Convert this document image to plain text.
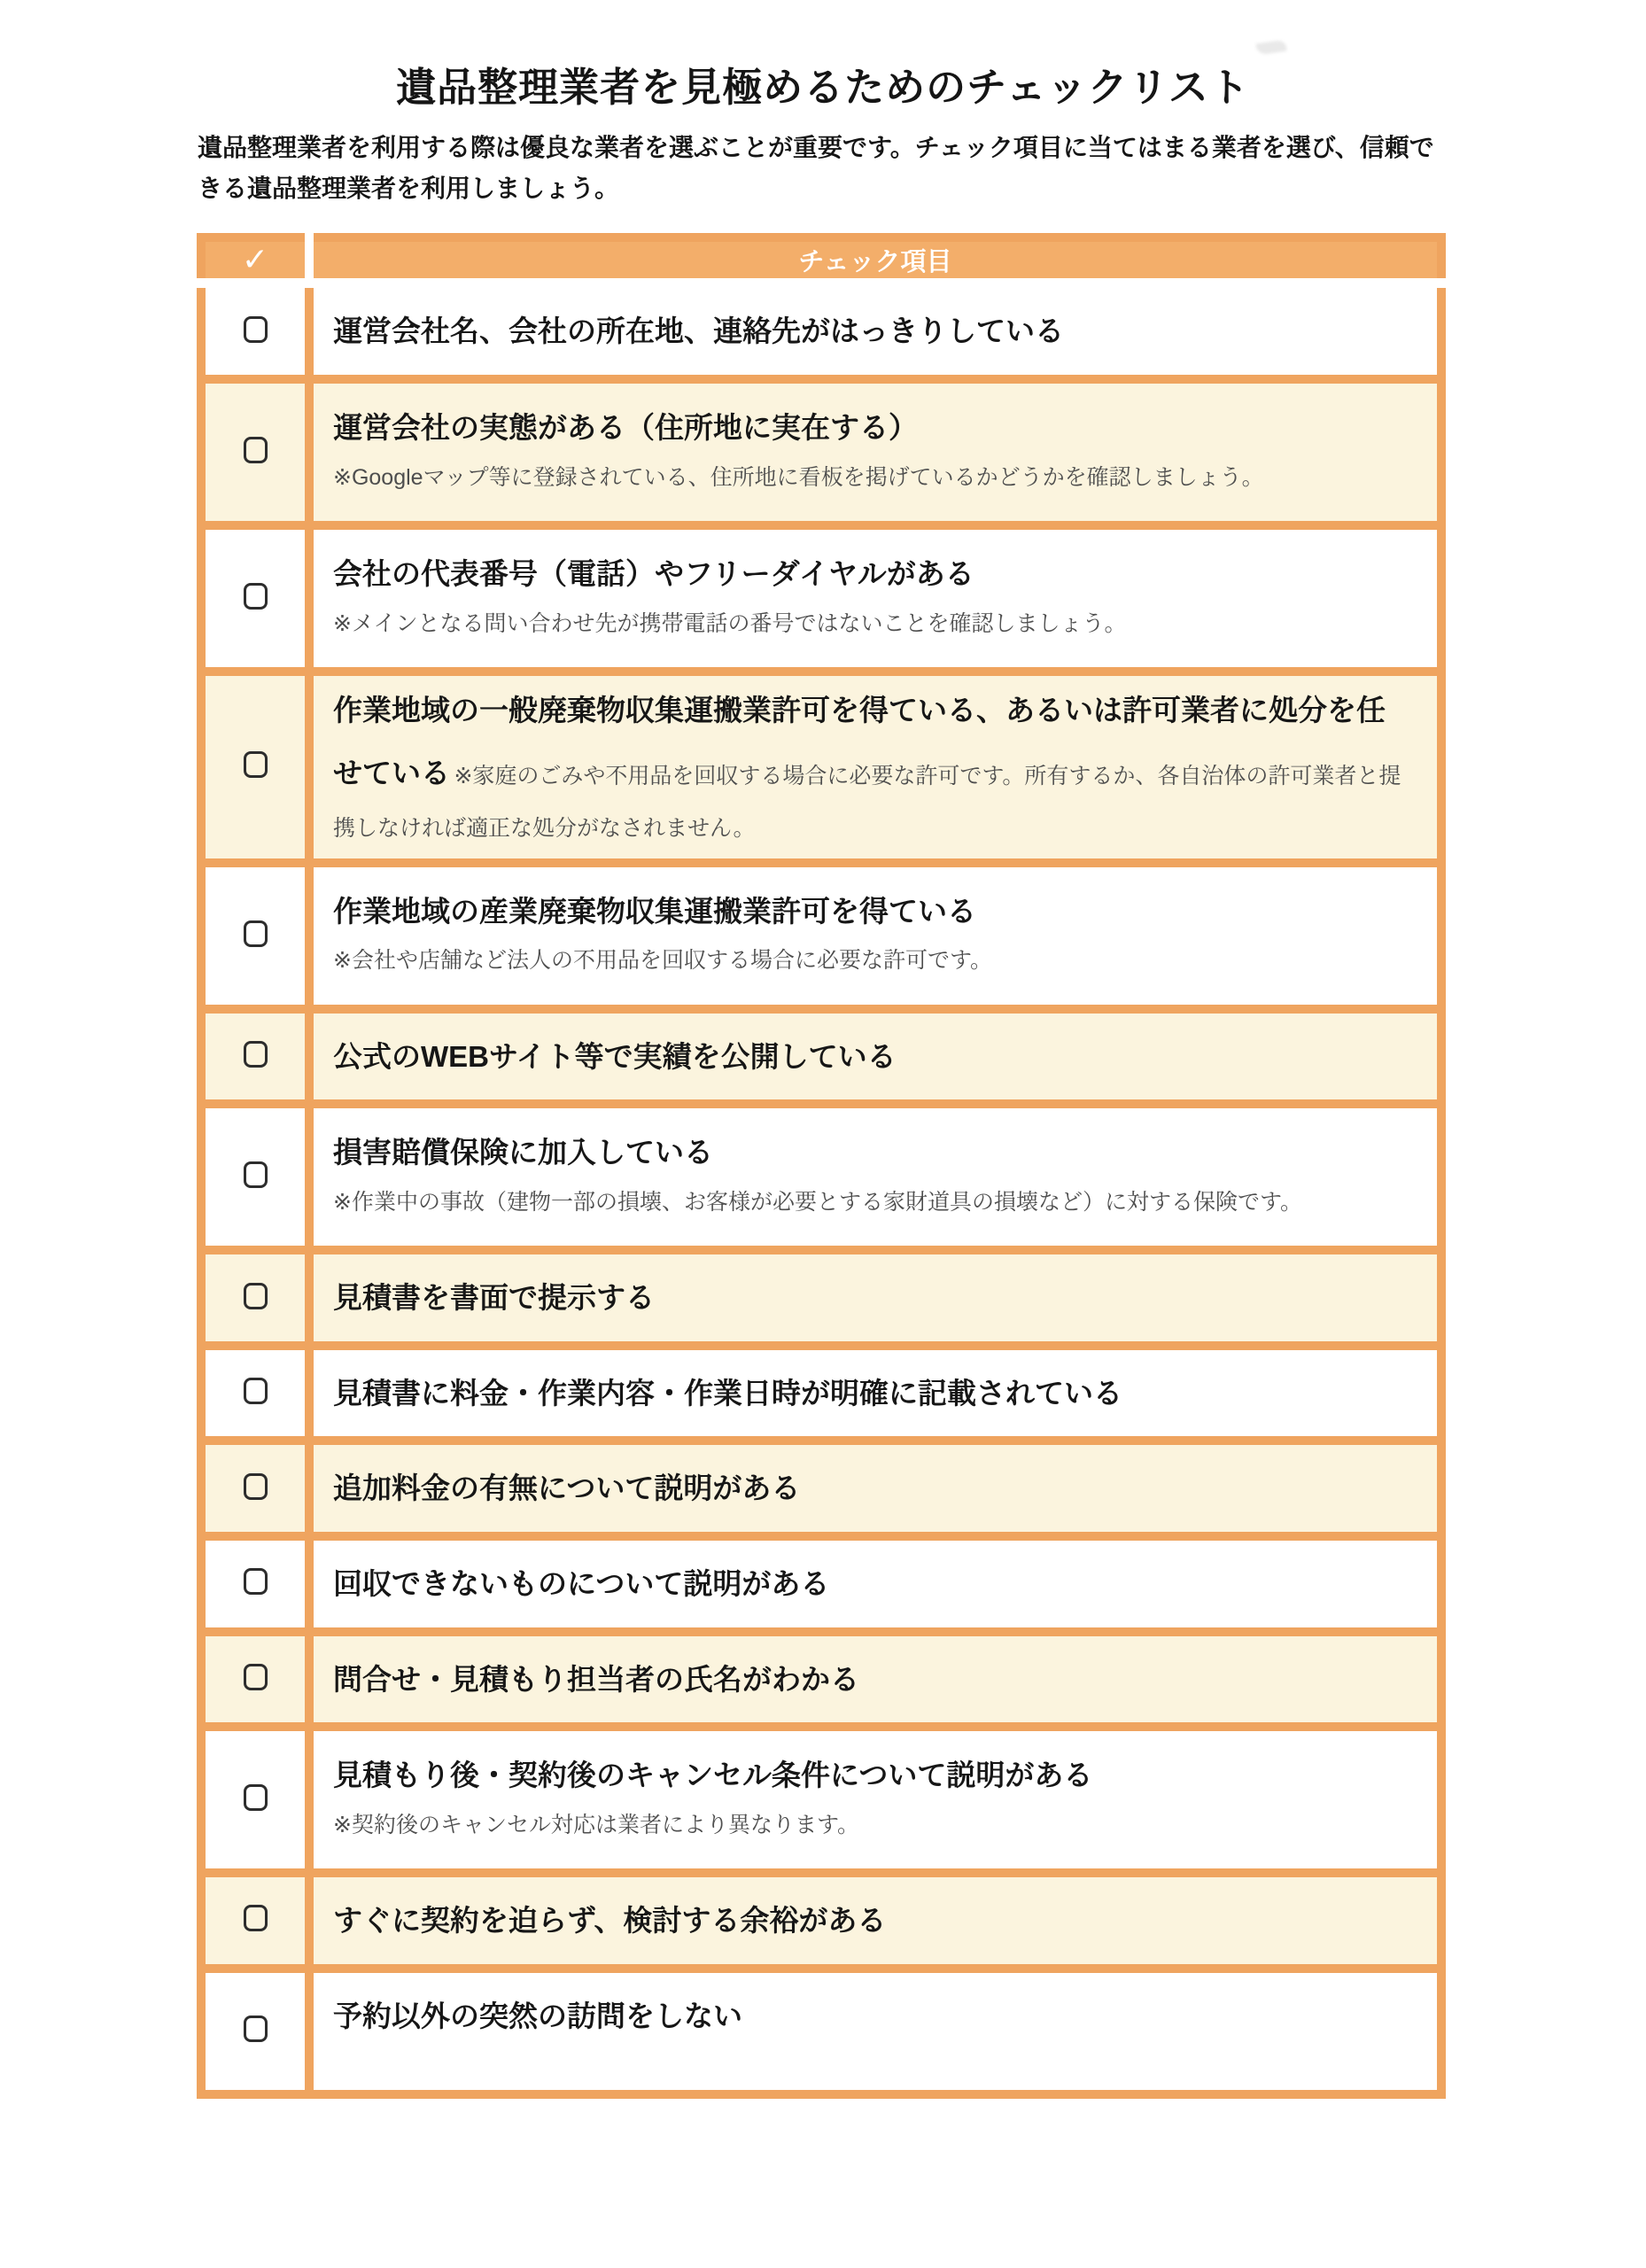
遺品整理業者を見極めるためのチェックリスト

遺品整理業者を利用する際は優良な業者を選ぶことが重要です。チェック項目に当てはまる業者を選び、信頼できる遺品整理業者を利用しましょう。

✓	チェック項目
	運営会社名、会社の所在地、連絡先がはっきりしている
	運営会社の実態がある（住所地に実在する）
※Googleマップ等に登録されている、住所地に看板を掲げているかどうかを確認しましょう。

	会社の代表番号（電話）やフリーダイヤルがある
※メインとなる問い合わせ先が携帯電話の番号ではないことを確認しましょう。

	作業地域の一般廃棄物収集運搬業許可を得ている、あるいは許可業者に処分を任せている ※家庭のごみや不用品を回収する場合に必要な許可です。所有するか、各自治体の許可業者と提携しなければ適正な処分がなされません。
	作業地域の産業廃棄物収集運搬業許可を得ている
※会社や店舗など法人の不用品を回収する場合に必要な許可です。

	公式のWEBサイト等で実績を公開している
	損害賠償保険に加入している
※作業中の事故（建物一部の損壊、お客様が必要とする家財道具の損壊など）に対する保険です。

	見積書を書面で提示する
	見積書に料金・作業内容・作業日時が明確に記載されている
	追加料金の有無について説明がある
	回収できないものについて説明がある
	問合せ・見積もり担当者の氏名がわかる
	見積もり後・契約後のキャンセル条件について説明がある
※契約後のキャンセル対応は業者により異なります。

	すぐに契約を迫らず、検討する余裕がある
	予約以外の突然の訪問をしない
